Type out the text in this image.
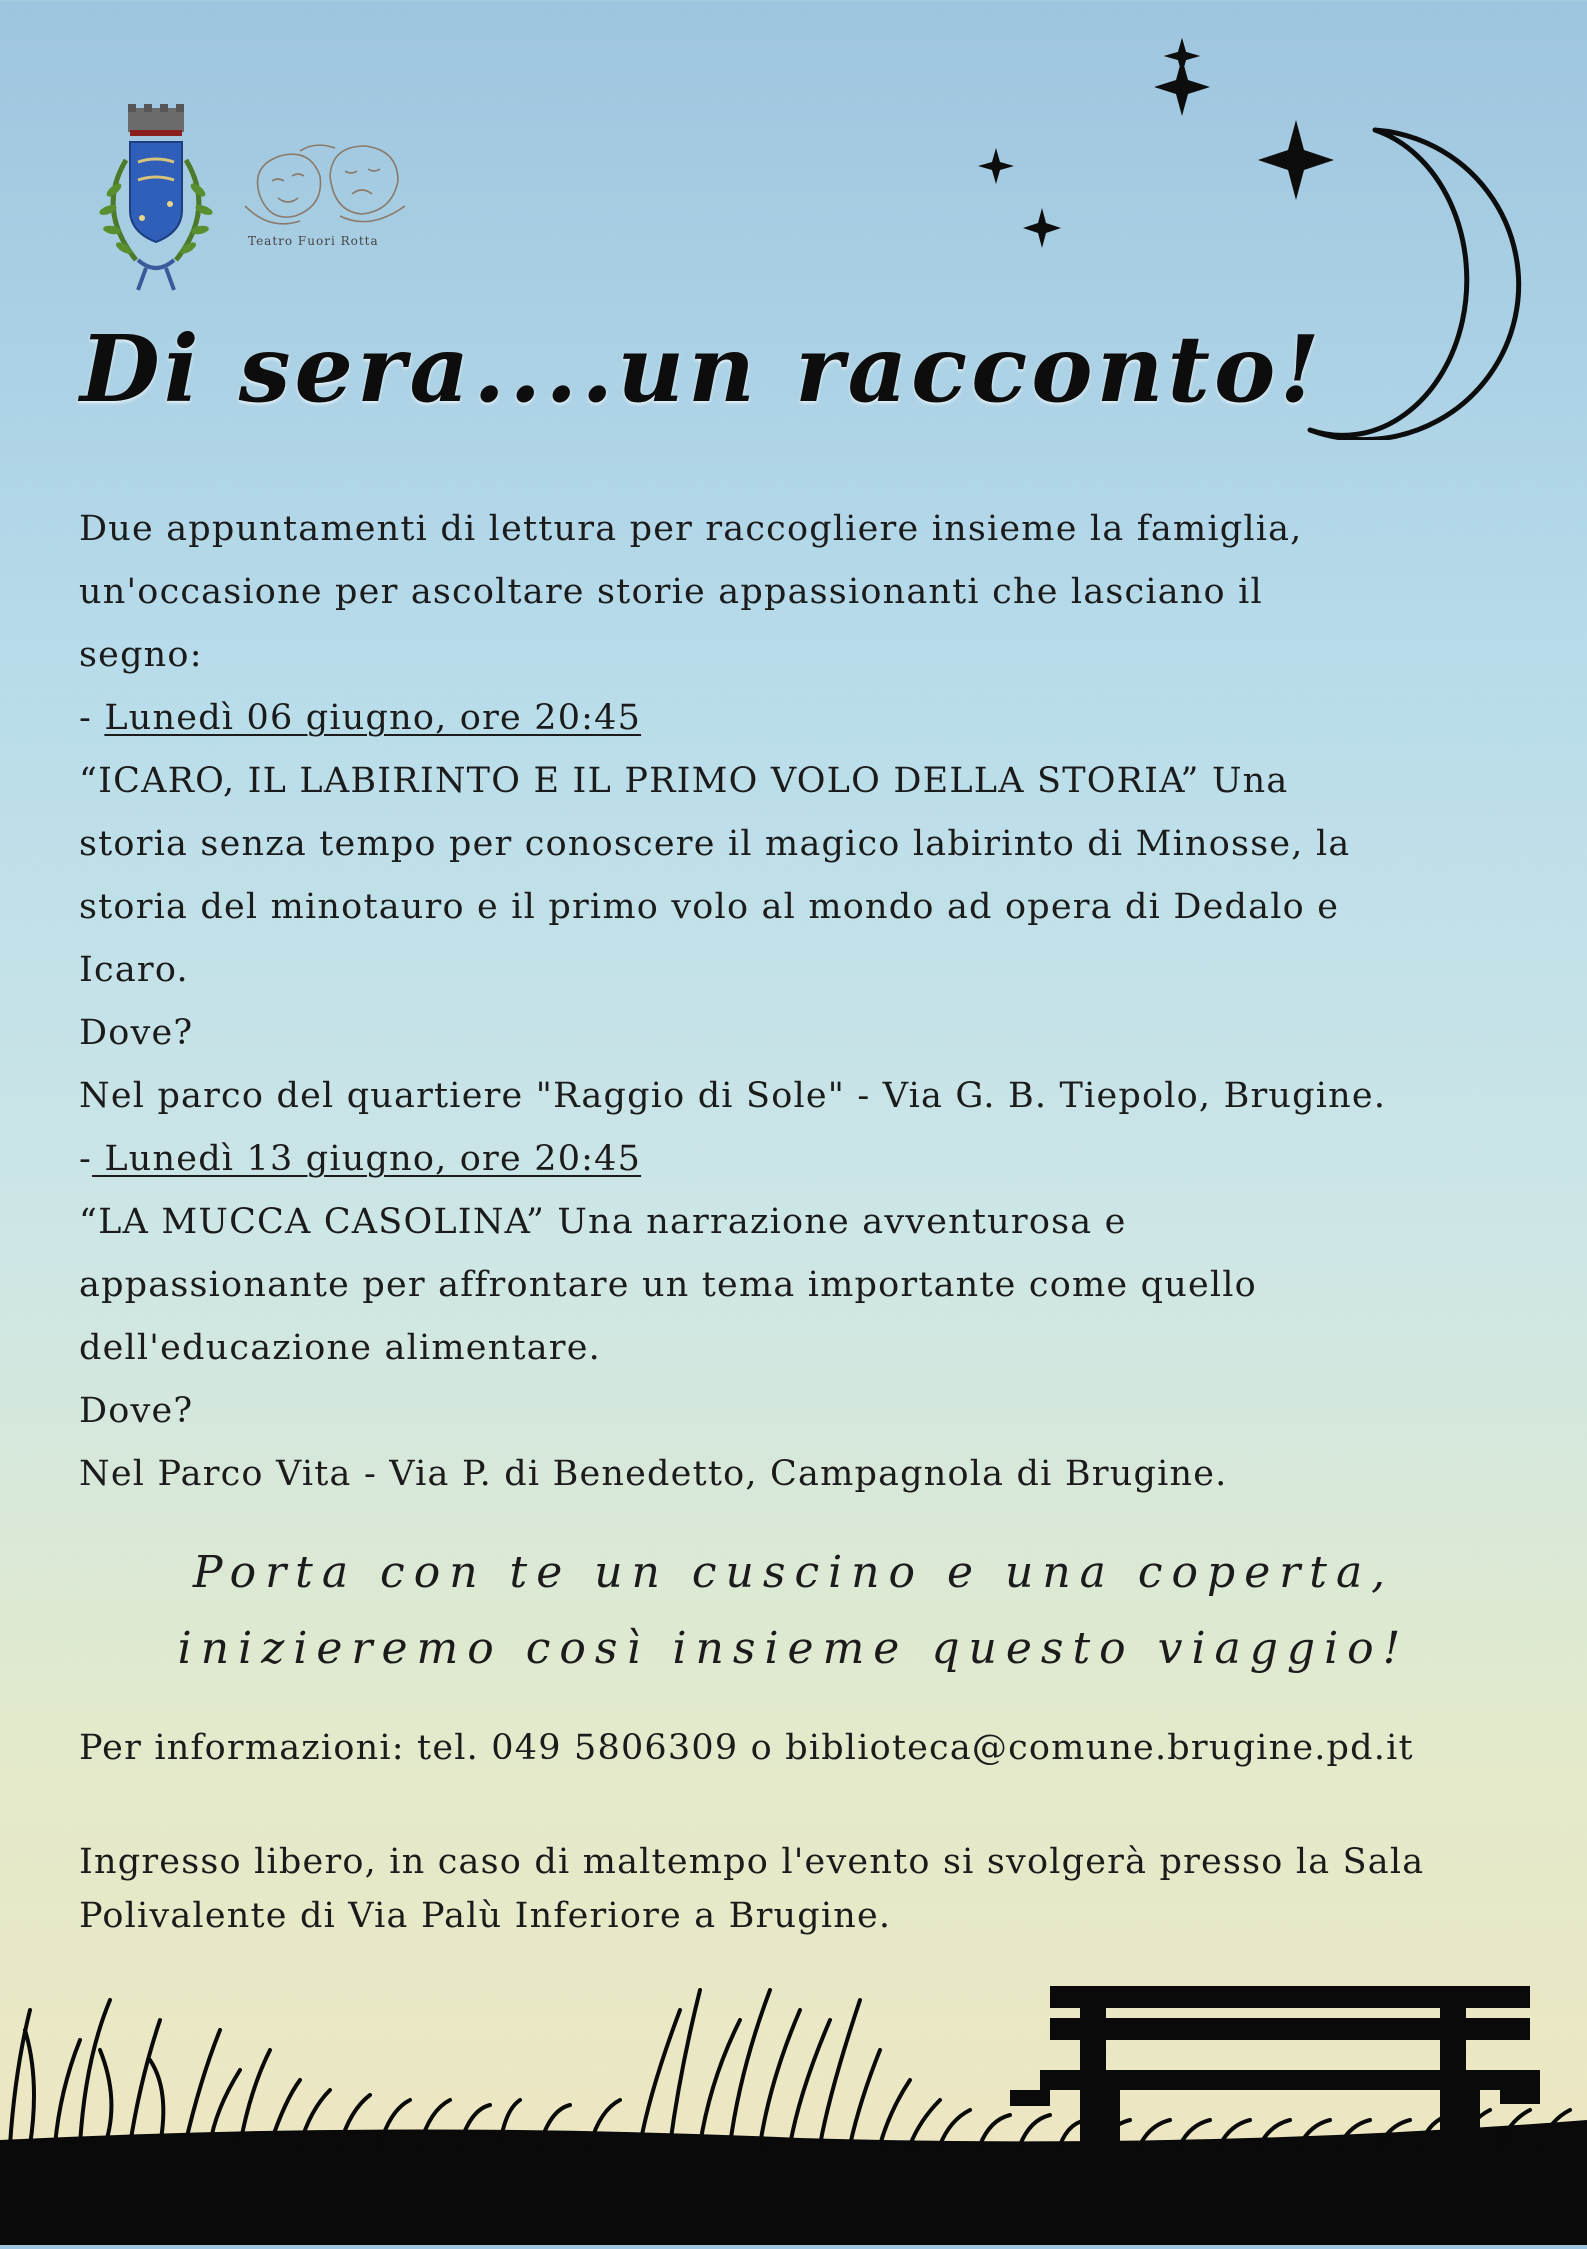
Teatro Fuori Rotta
Di sera....un racconto!

Due appuntamenti di lettura per raccogliere insieme la famiglia,

un'occasione per ascoltare storie appassionanti che lasciano il

segno:

- Lunedì 06 giugno, ore 20:45

“ICARO, IL LABIRINTO E IL PRIMO VOLO DELLA STORIA” Una

storia senza tempo per conoscere il magico labirinto di Minosse, la

storia del minotauro e il primo volo al mondo ad opera di Dedalo e

Icaro.

Dove?

Nel parco del quartiere "Raggio di Sole" - Via G. B. Tiepolo, Brugine.

- Lunedì 13 giugno, ore 20:45

“LA MUCCA CASOLINA” Una narrazione avventurosa e

appassionante per affrontare un tema importante come quello

dell'educazione alimentare.

Dove?

Nel Parco Vita - Via P. di Benedetto, Campagnola di Brugine.

Porta con te un cuscino e una coperta,

inizieremo così insieme questo viaggio!

Per informazioni: tel. 049 5806309 o biblioteca@comune.brugine.pd.it

Ingresso libero, in caso di maltempo l'evento si svolgerà presso la Sala

Polivalente di Via Palù Inferiore a Brugine.
